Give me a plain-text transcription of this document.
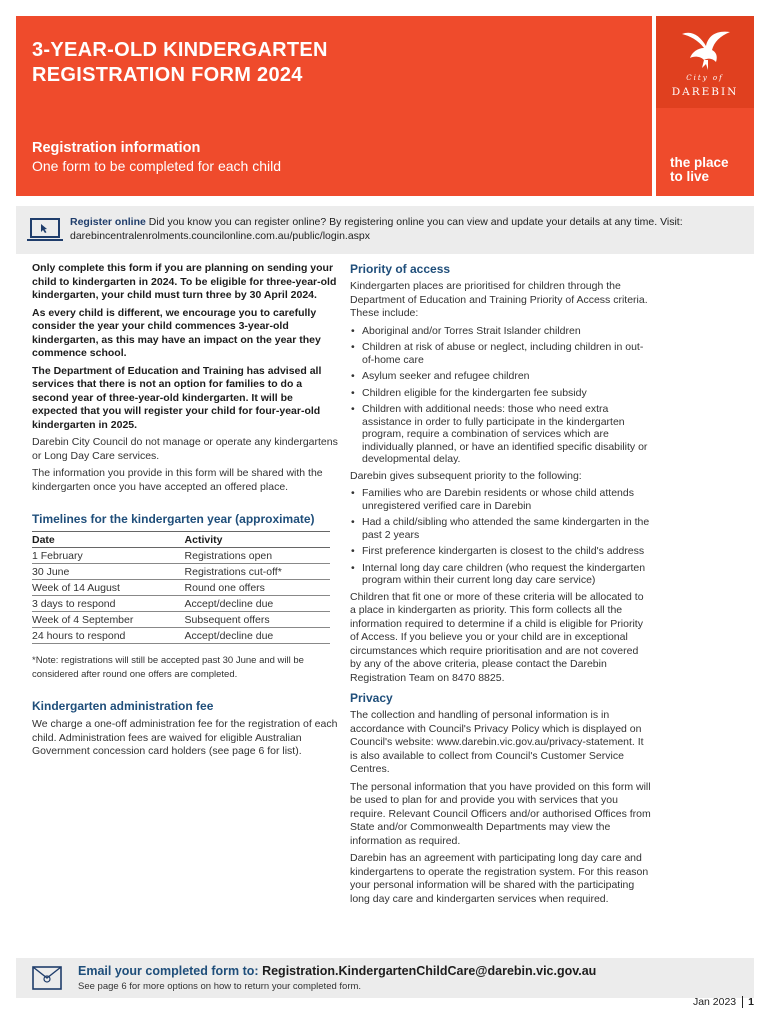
3-YEAR-OLD KINDERGARTEN
REGISTRATION FORM 2024
Registration information
One form to be completed for each child
City of
DAREBIN
the place
to live
Register online Did you know you can register online? By registering online you can view and update your details at any time. Visit: darebincentralenrolments.councilonline.com.au/public/login.aspx
Only complete this form if you are planning on sending your child to kindergarten in 2024. To be eligible for three-year-old kindergarten, your child must turn three by 30 April 2024.
As every child is different, we encourage you to carefully consider the year your child commences 3-year-old kindergarten, as this may have an impact on the year they commence school.
The Department of Education and Training has advised all services that there is not an option for families to do a second year of three-year-old kindergarten. It will be expected that you will register your child for four-year-old kindergarten in 2025.
Darebin City Council do not manage or operate any kindergartens or Long Day Care services.
The information you provide in this form will be shared with the kindergarten once you have accepted an offered place.
Timelines for the kindergarten year (approximate)
Date	Activity
1 February	Registrations open
30 June	Registrations cut-off*
Week of 14 August	Round one offers
3 days to respond	Accept/decline due
Week of 4 September	Subsequent offers
24 hours to respond	Accept/decline due
*Note: registrations will still be accepted past 30 June and will be considered after round one offers are completed.
Kindergarten administration fee
We charge a one-off administration fee for the registration of each child. Administration fees are waived for eligible Australian Government concession card holders (see page 6 for list).
Priority of access
Kindergarten places are prioritised for children through the Department of Education and Training Priority of Access criteria. These include:
• Aboriginal and/or Torres Strait Islander children
• Children at risk of abuse or neglect, including children in out-of-home care
• Asylum seeker and refugee children
• Children eligible for the kindergarten fee subsidy
• Children with additional needs: those who need extra assistance in order to fully participate in the kindergarten program, require a combination of services which are individually planned, or have an identified specific disability or developmental delay.
Darebin gives subsequent priority to the following:
• Families who are Darebin residents or whose child attends unregistered verified care in Darebin
• Had a child/sibling who attended the same kindergarten in the past 2 years
• First preference kindergarten is closest to the child's address
• Internal long day care children (who request the kindergarten program within their current long day care service)
Children that fit one or more of these criteria will be allocated to a place in kindergarten as priority. This form collects all the information required to determine if a child is eligible for Priority of Access. If you believe you or your child are in exceptional circumstances which require prioritisation and are not covered by any of the above criteria, please contact the Darebin Registration Team on 8470 8825.
Privacy
The collection and handling of personal information is in accordance with Council's Privacy Policy which is displayed on Council's website: www.darebin.vic.gov.au/privacy-statement. It is also available to collect from Council's Customer Service Centres.
The personal information that you have provided on this form will be used to plan for and provide you with services that you require. Relevant Council Officers and/or authorised Offices from State and/or Commonwealth Departments may view the information as required.
Darebin has an agreement with participating long day care and kindergartens to operate the registration system. For this reason your personal information will be shared with the participating long day care and kindergarten services when required.
Email your completed form to: Registration.KindergartenChildCare@darebin.vic.gov.au
See page 6 for more options on how to return your completed form.
Jan 2023 1
